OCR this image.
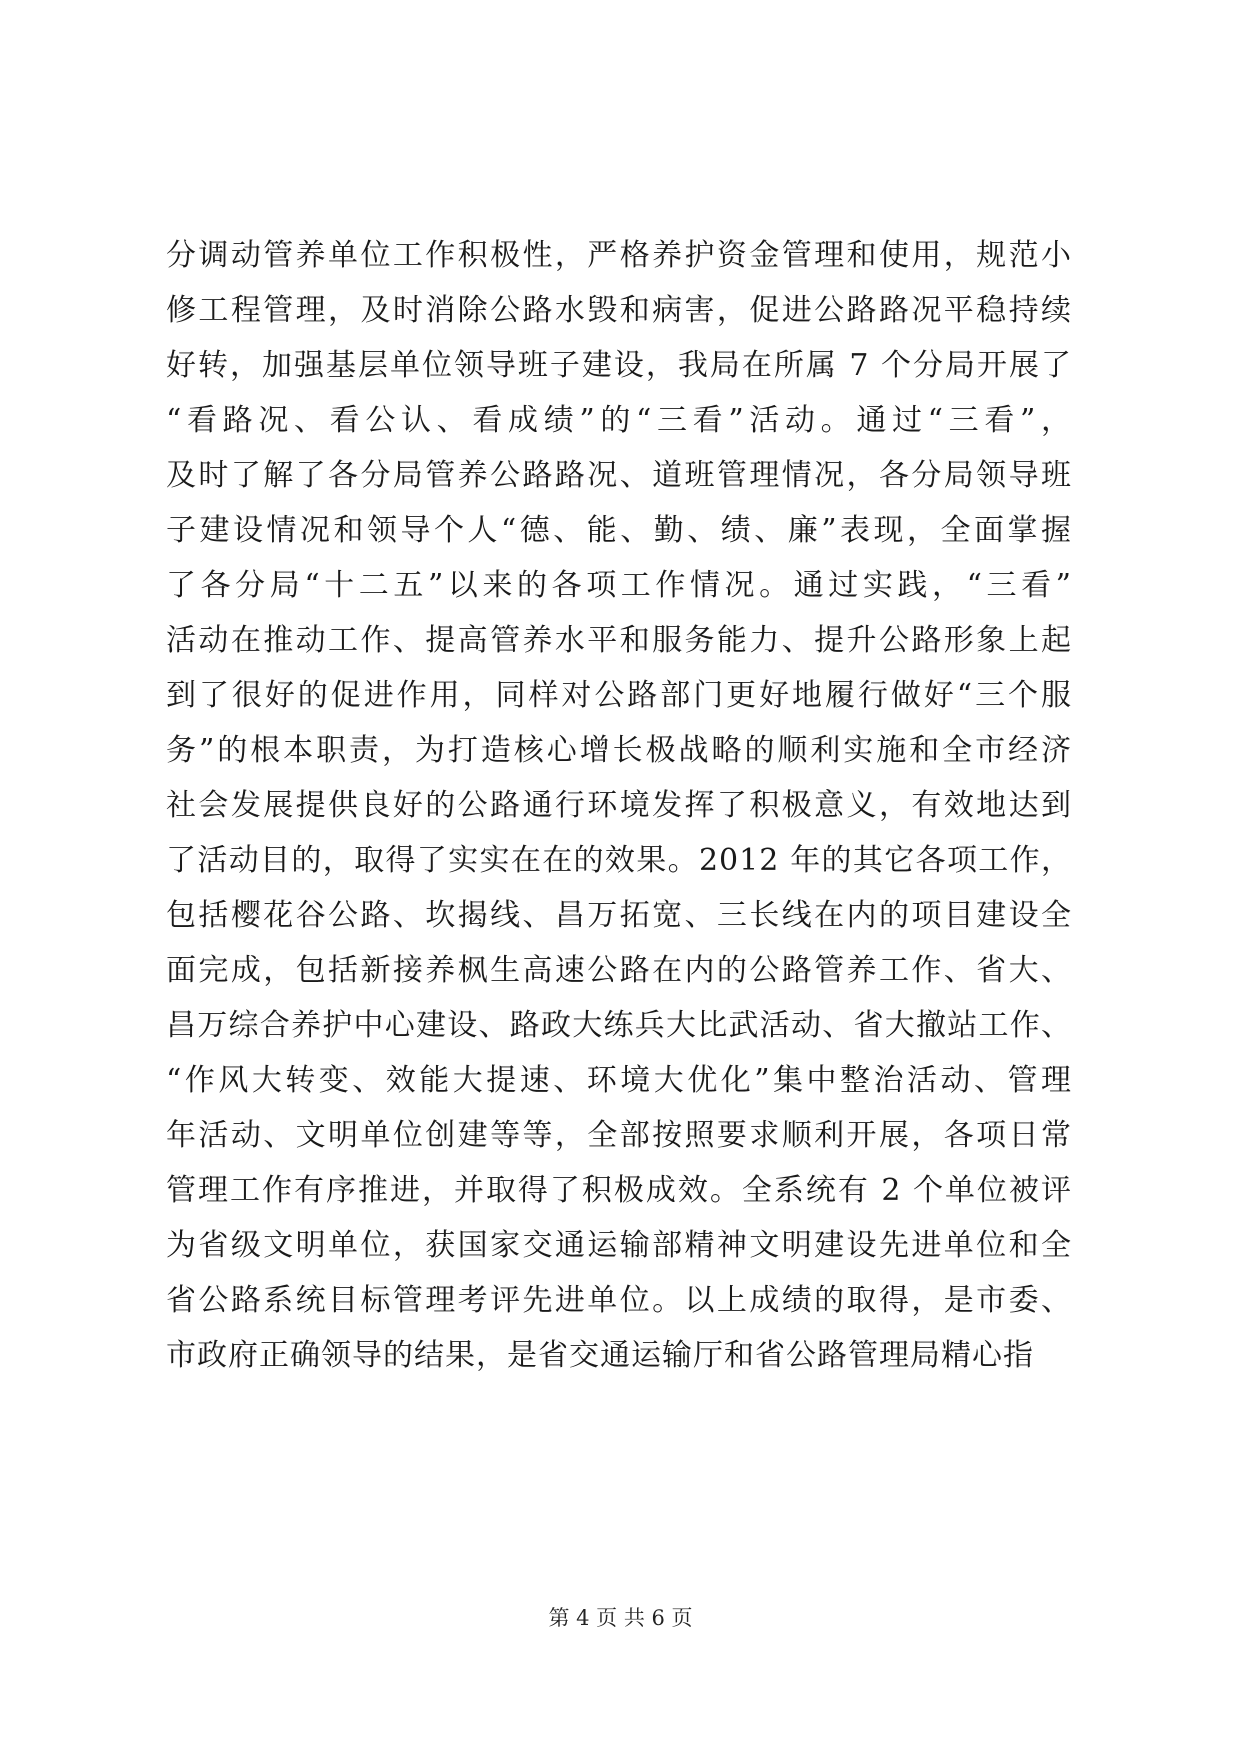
分调动管养单位工作积极性，严格养护资金管理和使用，规范小
修工程管理，及时消除公路水毁和病害，促进公路路况平稳持续
好转，加强基层单位领导班子建设，我局在所属 7 个分局开展了
“看路况、看公认、看成绩”的“三看”活动。通过“三看”，
及时了解了各分局管养公路路况、道班管理情况，各分局领导班
子建设情况和领导个人“德、能、勤、绩、廉”表现，全面掌握
了各分局“十二五”以来的各项工作情况。通过实践，“三看”
活动在推动工作、提高管养水平和服务能力、提升公路形象上起
到了很好的促进作用，同样对公路部门更好地履行做好“三个服
务”的根本职责，为打造核心增长极战略的顺利实施和全市经济
社会发展提供良好的公路通行环境发挥了积极意义，有效地达到
了活动目的，取得了实实在在的效果。2012 年的其它各项工作，
包括樱花谷公路、坎揭线、昌万拓宽、三长线在内的项目建设全
面完成，包括新接养枫生高速公路在内的公路管养工作、省大、
昌万综合养护中心建设、路政大练兵大比武活动、省大撤站工作、
“作风大转变、效能大提速、环境大优化”集中整治活动、管理
年活动、文明单位创建等等，全部按照要求顺利开展，各项日常
管理工作有序推进，并取得了积极成效。全系统有 2 个单位被评
为省级文明单位，获国家交通运输部精神文明建设先进单位和全
省公路系统目标管理考评先进单位。以上成绩的取得，是市委、
市政府正确领导的结果，是省交通运输厅和省公路管理局精心指
第 4 页 共 6 页
